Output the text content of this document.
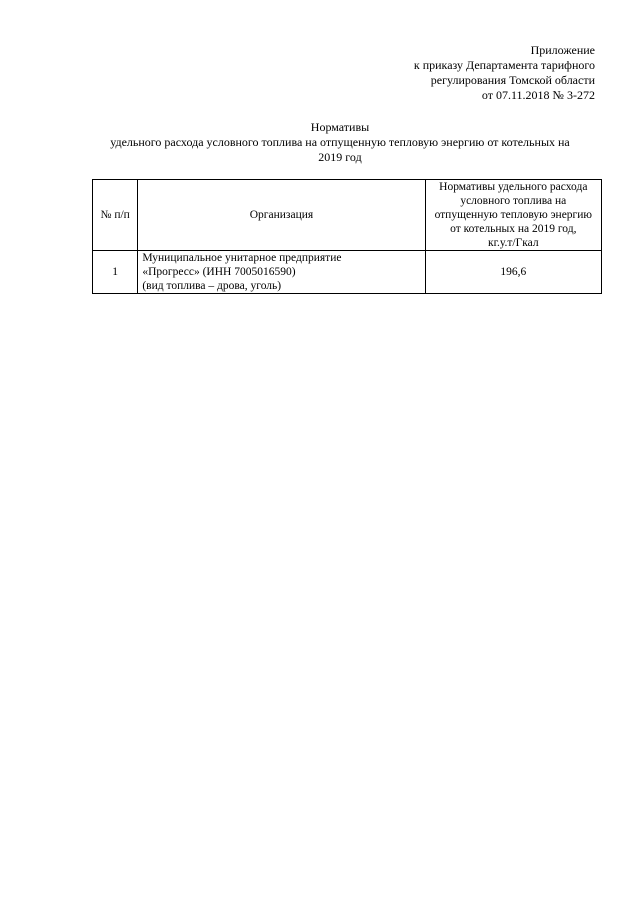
Приложение
к приказу Департамента тарифного
регулирования Томской области
от 07.11.2018 № 3-272
Нормативы
удельного расхода условного топлива на отпущенную тепловую энергию от котельных на
2019 год
№ п/п	Организация	Нормативы удельного расхода
условного топлива на
отпущенную тепловую энергию
от котельных на 2019 год,
кг.у.т/Гкал

1	Муниципальное унитарное предприятие
«Прогресс» (ИНН 7005016590)
(вид топлива – дрова, уголь)	196,6
